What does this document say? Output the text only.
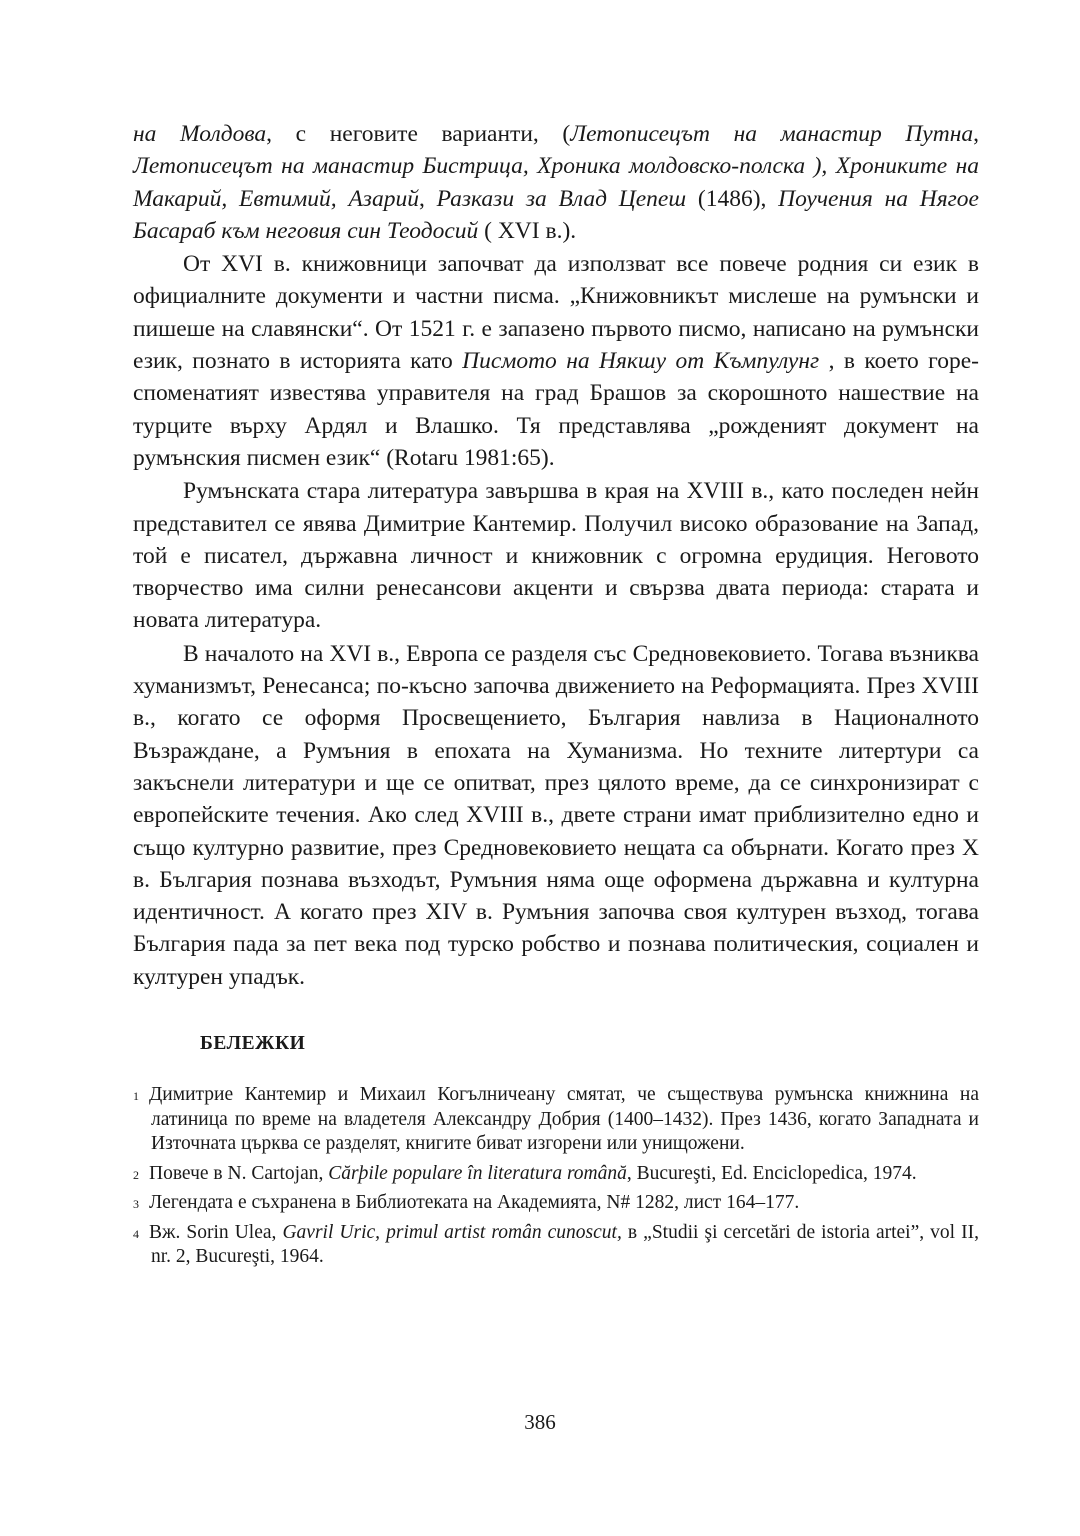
на Молдова, с неговите варианти, (Летописецът на манастир Путна, Летописецът на манастир Бистрица, Хроника молдовско-полска ), Хрониките на Макарий, Евтимий, Азарий, Разкази за Влад Цепеш (1486), Поучения на Нягое Басараб към неговия син Теодосий ( XVI в.).

От XVI в. книжовници започват да използват все повече родния си език в официалните документи и частни писма. „Книжовникът мислеше на румънски и пишеше на славянски“. От 1521 г. е запазено първото писмо, написано на румънски език, познато в историята като Писмото на Някшу от Къмпулунг , в което горе-споменатият известява управителя на град Брашов за скорошното нашествие на турците върху Ардял и Влашко. Тя представлява „рожденият документ на румънския писмен език“ (Rotaru 1981:65).

Румънската стара литература завършва в края на XVIII в., като последен нейн представител се явява Димитрие Кантемир. Получил високо образование на Запад, той е писател, държавна личност и книжовник с огромна ерудиция. Неговото творчество има силни ренесансови акценти и свързва двата периода: старата и новата литература.

В началото на XVI в., Европа се разделя със Средновековието. Тогава възниква хуманизмът, Ренесанса; по-късно започва движението на Реформацията. През XVIII в., когато се оформя Просвещението, България навлиза в Националното Възраждане, а Румъния в епохата на Хуманизма. Но техните литертури са закъснели литератури и ще се опитват, през цялото време, да се синхронизират с европейските течения. Ако след XVIII в., двете страни имат приблизително едно и също културно развитие, през Средновековието нещата са обърнати. Когато през X в. България познава възходът, Румъния няма още оформена държавна и културна идентичност. А когато през XIV в. Румъния започва своя културен възход, тогава България пада за пет века под турско робство и познава политическия, социален и културен упадък.

БЕЛЕЖКИ
$^1$ Димитрие Кантемир и Михаил Когълничеану смятат, че съществува румънска книжнина на латиница по време на владетеля Александру Добрия (1400–1432). През 1436, когато Западната и Източната църква се разделят, книгите биват изгорени или унищожени.
$^2$ Повече в N. Cartojan, Cărþile populare în literatura română, Bucureşti, Ed. Enciclopedica, 1974.
$^3$ Легендата е съхранена в Библиотеката на Академията, N# 1282, лист 164–177.
$^4$ Вж. Sorin Ulea, Gavril Uric, primul artist român cunoscut, в „Studii şi cercetări de istoria artei”, vol II, nr. 2, Bucureşti, 1964.
386
